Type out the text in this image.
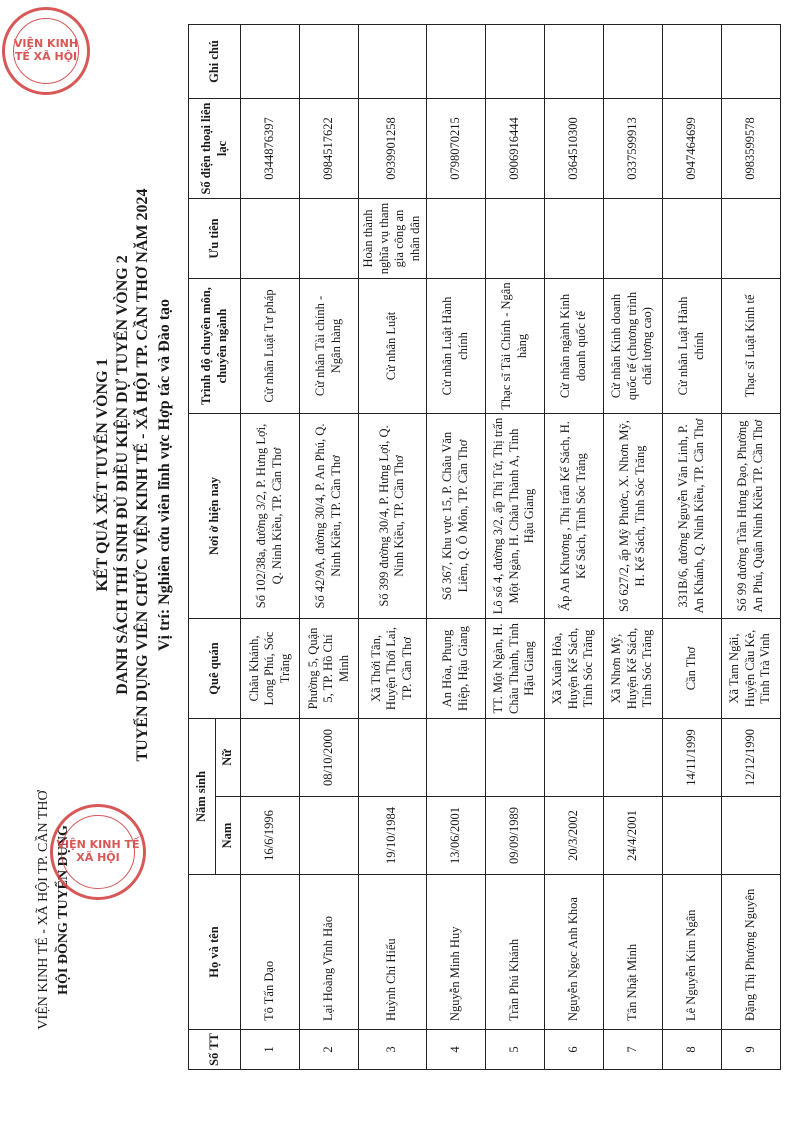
VIỆN KINH TẾ - XÃ HỘI TP. CẦN THƠ HỘI ĐỒNG TUYỂN DỤNG
KẾT QUẢ XÉT TUYỂN VÒNG 1 DANH SÁCH THÍ SINH ĐỦ ĐIỀU KIỆN DỰ TUYỂN VÒNG 2 TUYỂN DỤNG VIÊN CHỨC VIỆN KINH TẾ - XÃ HỘI TP. CẦN THƠ NĂM 2024 Vị trí: Nghiên cứu viên lĩnh vực Hợp tác và Đào tạo
VIỆN KINH TẾ XÃ HỘI
VIỆN KINH TẾ XÃ HỘI
Số TT	Họ và tên	Năm sinh		Quê quán	Nơi ở hiện nay	Trình độ chuyên môn, chuyên ngành	Ưu tiên	Số điện thoại liên lạc	Ghi chú
		Nam	Nữ						
1	Tô Tấn Dạo	16/6/1996		Châu Khánh, Long Phú, Sóc Trăng	Số 102/38a, đường 3/2, P. Hưng Lợi, Q. Ninh Kiều, TP. Cần Thơ	Cử nhân Luật Tư pháp		0344876397	
2	Lại Hoàng Vĩnh Hảo		08/10/2000	Phường 5, Quận 5, TP. Hồ Chí Minh	Số 42/9A, đường 30/4, P. An Phú, Q. Ninh Kiều, TP. Cần Thơ	Cử nhân Tài chính - Ngân hàng		0984517622	
3	Huỳnh Chí Hiếu	19/10/1984		Xã Thới Tân, Huyện Thới Lai, TP. Cần Thơ	Số 399 đường 30/4, P. Hưng Lợi, Q. Ninh Kiều, TP. Cần Thơ	Cử nhân Luật	Hoàn thành nghĩa vụ tham gia công an nhân dân	0939901258	
4	Nguyễn Minh Huy	13/06/2001		An Hòa, Phụng Hiệp, Hậu Giang	Số 367, Khu vực 15, P. Châu Văn Liêm, Q. Ô Môn, TP. Cần Thơ	Cử nhân Luật Hành chính		0798070215	
5	Trần Phú Khánh	09/09/1989		TT. Một Ngàn, H. Châu Thành, Tỉnh Hậu Giang	Lô số 4, đường 3/2, ấp Thị Tứ, Thị trấn Một Ngàn, H. Châu Thành A, Tỉnh Hậu Giang	Thạc sĩ Tài Chính - Ngân hàng		0906916444	
6	Nguyễn Ngọc Anh Khoa	20/3/2002		Xã Xuân Hòa, Huyện Kế Sách, Tỉnh Sóc Trăng	Ấp An Khương , Thị trấn Kế Sách, H. Kế Sách, Tỉnh Sóc Trăng	Cử nhân ngành Kinh doanh quốc tế		0364510300	
7	Tân Nhật Minh	24/4/2001		Xã Nhơn Mỹ, Huyện Kế Sách, Tỉnh Sóc Trăng	Số 627/2, ấp Mỹ Phước, X. Nhơn Mỹ, H. Kế Sách, Tỉnh Sóc Trăng	Cử nhân Kinh doanh quốc tế (chương trình chất lượng cao)		0337599913	
8	Lê Nguyễn Kim Ngân		14/11/1999	Cần Thơ	331B/6, đường Nguyễn Văn Linh, P. An Khánh, Q. Ninh Kiều, TP. Cần Thơ	Cử nhân Luật Hành chính		0947464699	
9	Đặng Thị Phượng Nguyên		12/12/1990	Xã Tam Ngãi, Huyện Cầu Kè, Tỉnh Trà Vinh	Số 99 đường Trần Hưng Đạo, Phường An Phú, Quận Ninh Kiều TP. Cần Thơ	Thạc sĩ Luật Kinh tế		0983599578	
